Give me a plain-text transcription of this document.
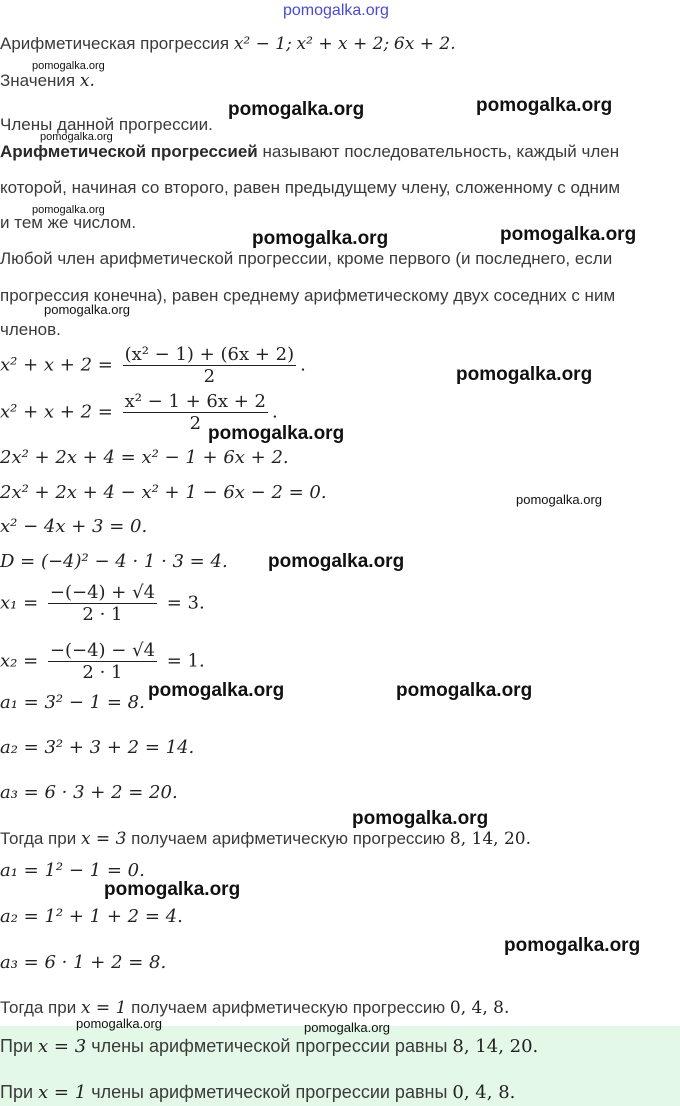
Арифметическая прогрессия x² − 1; x² + x + 2; 6x + 2.
Значения x.
Члены данной прогрессии.
Арифметической прогрессией называют последовательность, каждый член
которой, начиная со второго, равен предыдущему члену, сложенному с одним
и тем же числом.
Любой член арифметической прогрессии, кроме первого (и последнего, если
прогрессия конечна), равен среднему арифметическому двух соседних с ним
членов.
$x^2 + x + 2 = \frac{\text{(x² − 1) + (6x + 2)}}{2}$ .
$x^2 + x + 2 = \frac{\text{x² − 1 + 6x + 2}}{2}$ .
2x² + 2x + 4 = x² − 1 + 6x + 2.
2x² + 2x + 4 − x² + 1 − 6x − 2 = 0.
x² − 4x + 3 = 0.
D = (−4)² − 4 · 1 · 3 = 4.
$x_1 = \frac{-(-4) + √4}{2 \cdot 1} = 3$.
$x_2 = \frac{-(-4) - √4}{2 \cdot 1} = 1$.
a₁ = 3² − 1 = 8.
a₂ = 3² + 3 + 2 = 14.
a₃ = 6 · 3 + 2 = 20.
Тогда при x = 3 получаем арифметическую прогрессию 8, 14, 20.
a₁ = 1² − 1 = 0.
a₂ = 1² + 1 + 2 = 4.
a₃ = 6 · 1 + 2 = 8.
Тогда при x = 1 получаем арифметическую прогрессию 0, 4, 8.
При x = 3 члены арифметической прогрессии равны 8, 14, 20.
При x = 1 члены арифметической прогрессии равны 0, 4, 8.
pomogalka.org
pomogalka.org
pomogalka.org	pomogalka.org
pomogalka.org
pomogalka.org
pomogalka.org	pomogalka.org
pomogalka.org
pomogalka.org
pomogalka.org
pomogalka.org
pomogalka.org
pomogalka.org	pomogalka.org
pomogalka.org
pomogalka.org
pomogalka.org
pomogalka.org	pomogalka.org
